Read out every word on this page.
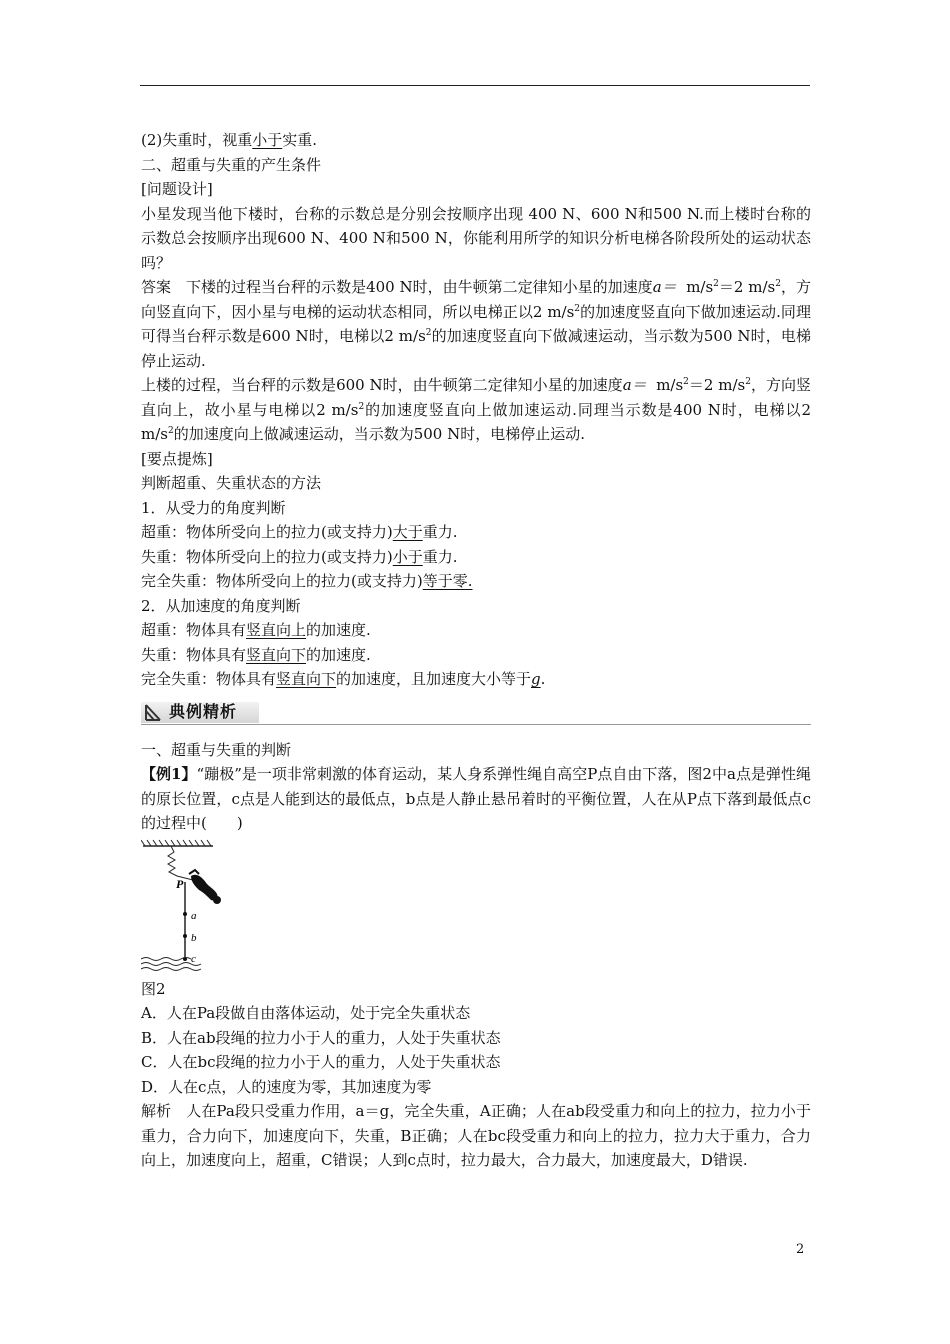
(2)失重时，视重小于实重.
二、超重与失重的产生条件
[问题设计]
小星发现当他下楼时，台称的示数总是分别会按顺序出现 400 N、600 N和500 N.而上楼时台称的示数总会按顺序出现600 N、400 N和500 N，你能利用所学的知识分析电梯各阶段所处的运动状态吗？
答案　下楼的过程当台秤的示数是400 N时，由牛顿第二定律知小星的加速度$a= m/s^2=2$ $m/s^2$，方向竖直向下，因小星与电梯的运动状态相同，所以电梯正以2 $m/s^2$的加速度竖直向下做加速运动.同理可得当台秤示数是600 N时，电梯以2 $m/s^2$的加速度竖直向下做减速运动，当示数为500 N时，电梯停止运动.
上楼的过程，当台秤的示数是600 N时，由牛顿第二定律知小星的加速度$a= m/s^2=2$ $m/s^2$，方向竖直向上，故小星与电梯以2 $m/s^2$的加速度竖直向上做加速运动.同理当示数是400 N时，电梯以2 $m/s^2$的加速度向上做减速运动，当示数为500 N时，电梯停止运动.
[要点提炼]
判断超重、失重状态的方法
1．从受力的角度判断
超重：物体所受向上的拉力(或支持力)大于重力.
失重：物体所受向上的拉力(或支持力)小于重力.
完全失重：物体所受向上的拉力(或支持力)等于零.
2．从加速度的角度判断
超重：物体具有竖直向上的加速度.
失重：物体具有竖直向下的加速度.
完全失重：物体具有竖直向下的加速度，且加速度大小等于g.
典例精析
一、超重与失重的判断
【例1】“蹦极”是一项非常刺激的体育运动，某人身系弹性绳自高空P点自由下落，图2中a点是弹性绳的原长位置，c点是人能到达的最低点，b点是人静止悬吊着时的平衡位置，人在从P点下落到最低点c的过程中(　　)
P
a
b
c
图2
A．人在Pa段做自由落体运动，处于完全失重状态
B．人在ab段绳的拉力小于人的重力，人处于失重状态
C．人在bc段绳的拉力小于人的重力，人处于失重状态
D．人在c点，人的速度为零，其加速度为零
解析　人在Pa段只受重力作用，a＝g，完全失重，A正确；人在ab段受重力和向上的拉力，拉力小于重力，合力向下，加速度向下，失重，B正确；人在bc段受重力和向上的拉力，拉力大于重力，合力向上，加速度向上，超重，C错误；人到c点时，拉力最大，合力最大，加速度最大，D错误.
2
